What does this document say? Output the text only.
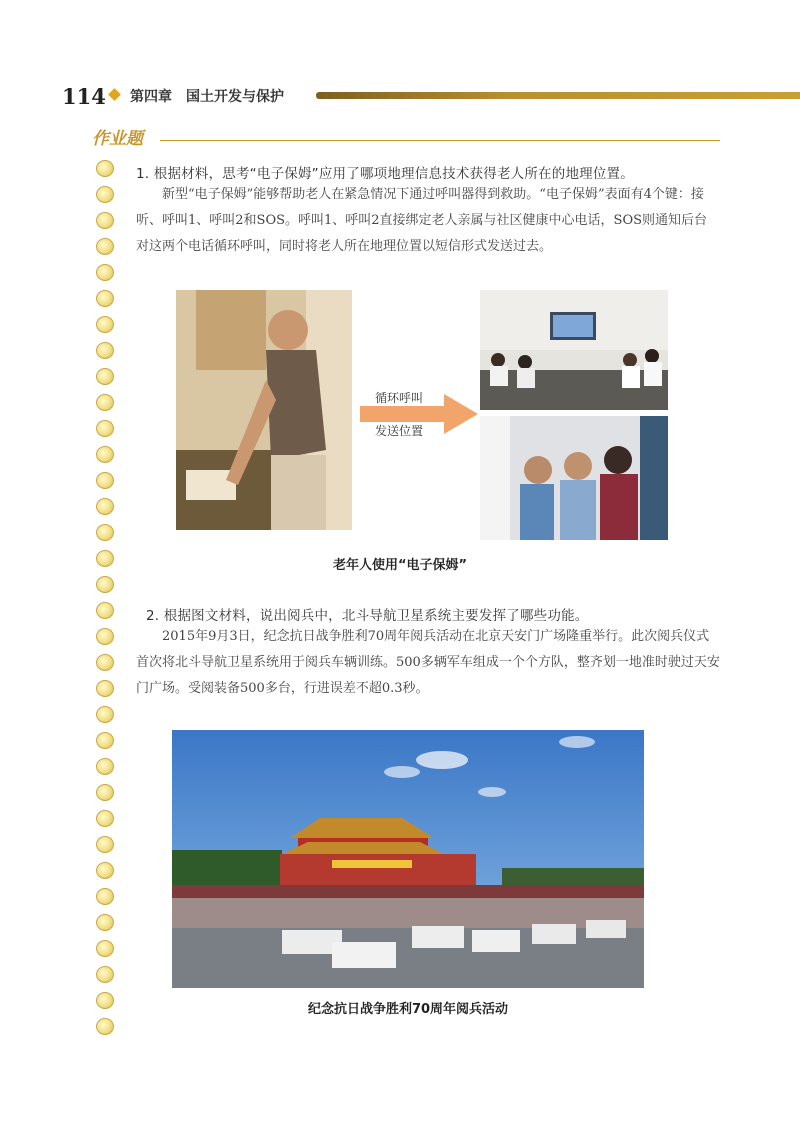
114 第四章　国土开发与保护
作业题
1. 根据材料，思考“电子保姆”应用了哪项地理信息技术获得老人所在的地理位置。
新型“电子保姆”能够帮助老人在紧急情况下通过呼叫器得到救助。“电子保姆”表面有4个键：接听、呼叫1、呼叫2和SOS。呼叫1、呼叫2直接绑定老人亲属与社区健康中心电话，SOS则通知后台对这两个电话循环呼叫，同时将老人所在地理位置以短信形式发送过去。
循环呼叫
发送位置
老年人使用“电子保姆”
2. 根据图文材料，说出阅兵中，北斗导航卫星系统主要发挥了哪些功能。
2015年9月3日，纪念抗日战争胜利70周年阅兵活动在北京天安门广场隆重举行。此次阅兵仪式首次将北斗导航卫星系统用于阅兵车辆训练。500多辆军车组成一个个方队，整齐划一地准时驶过天安门广场。受阅装备500多台，行进误差不超0.3秒。
纪念抗日战争胜利70周年阅兵活动
